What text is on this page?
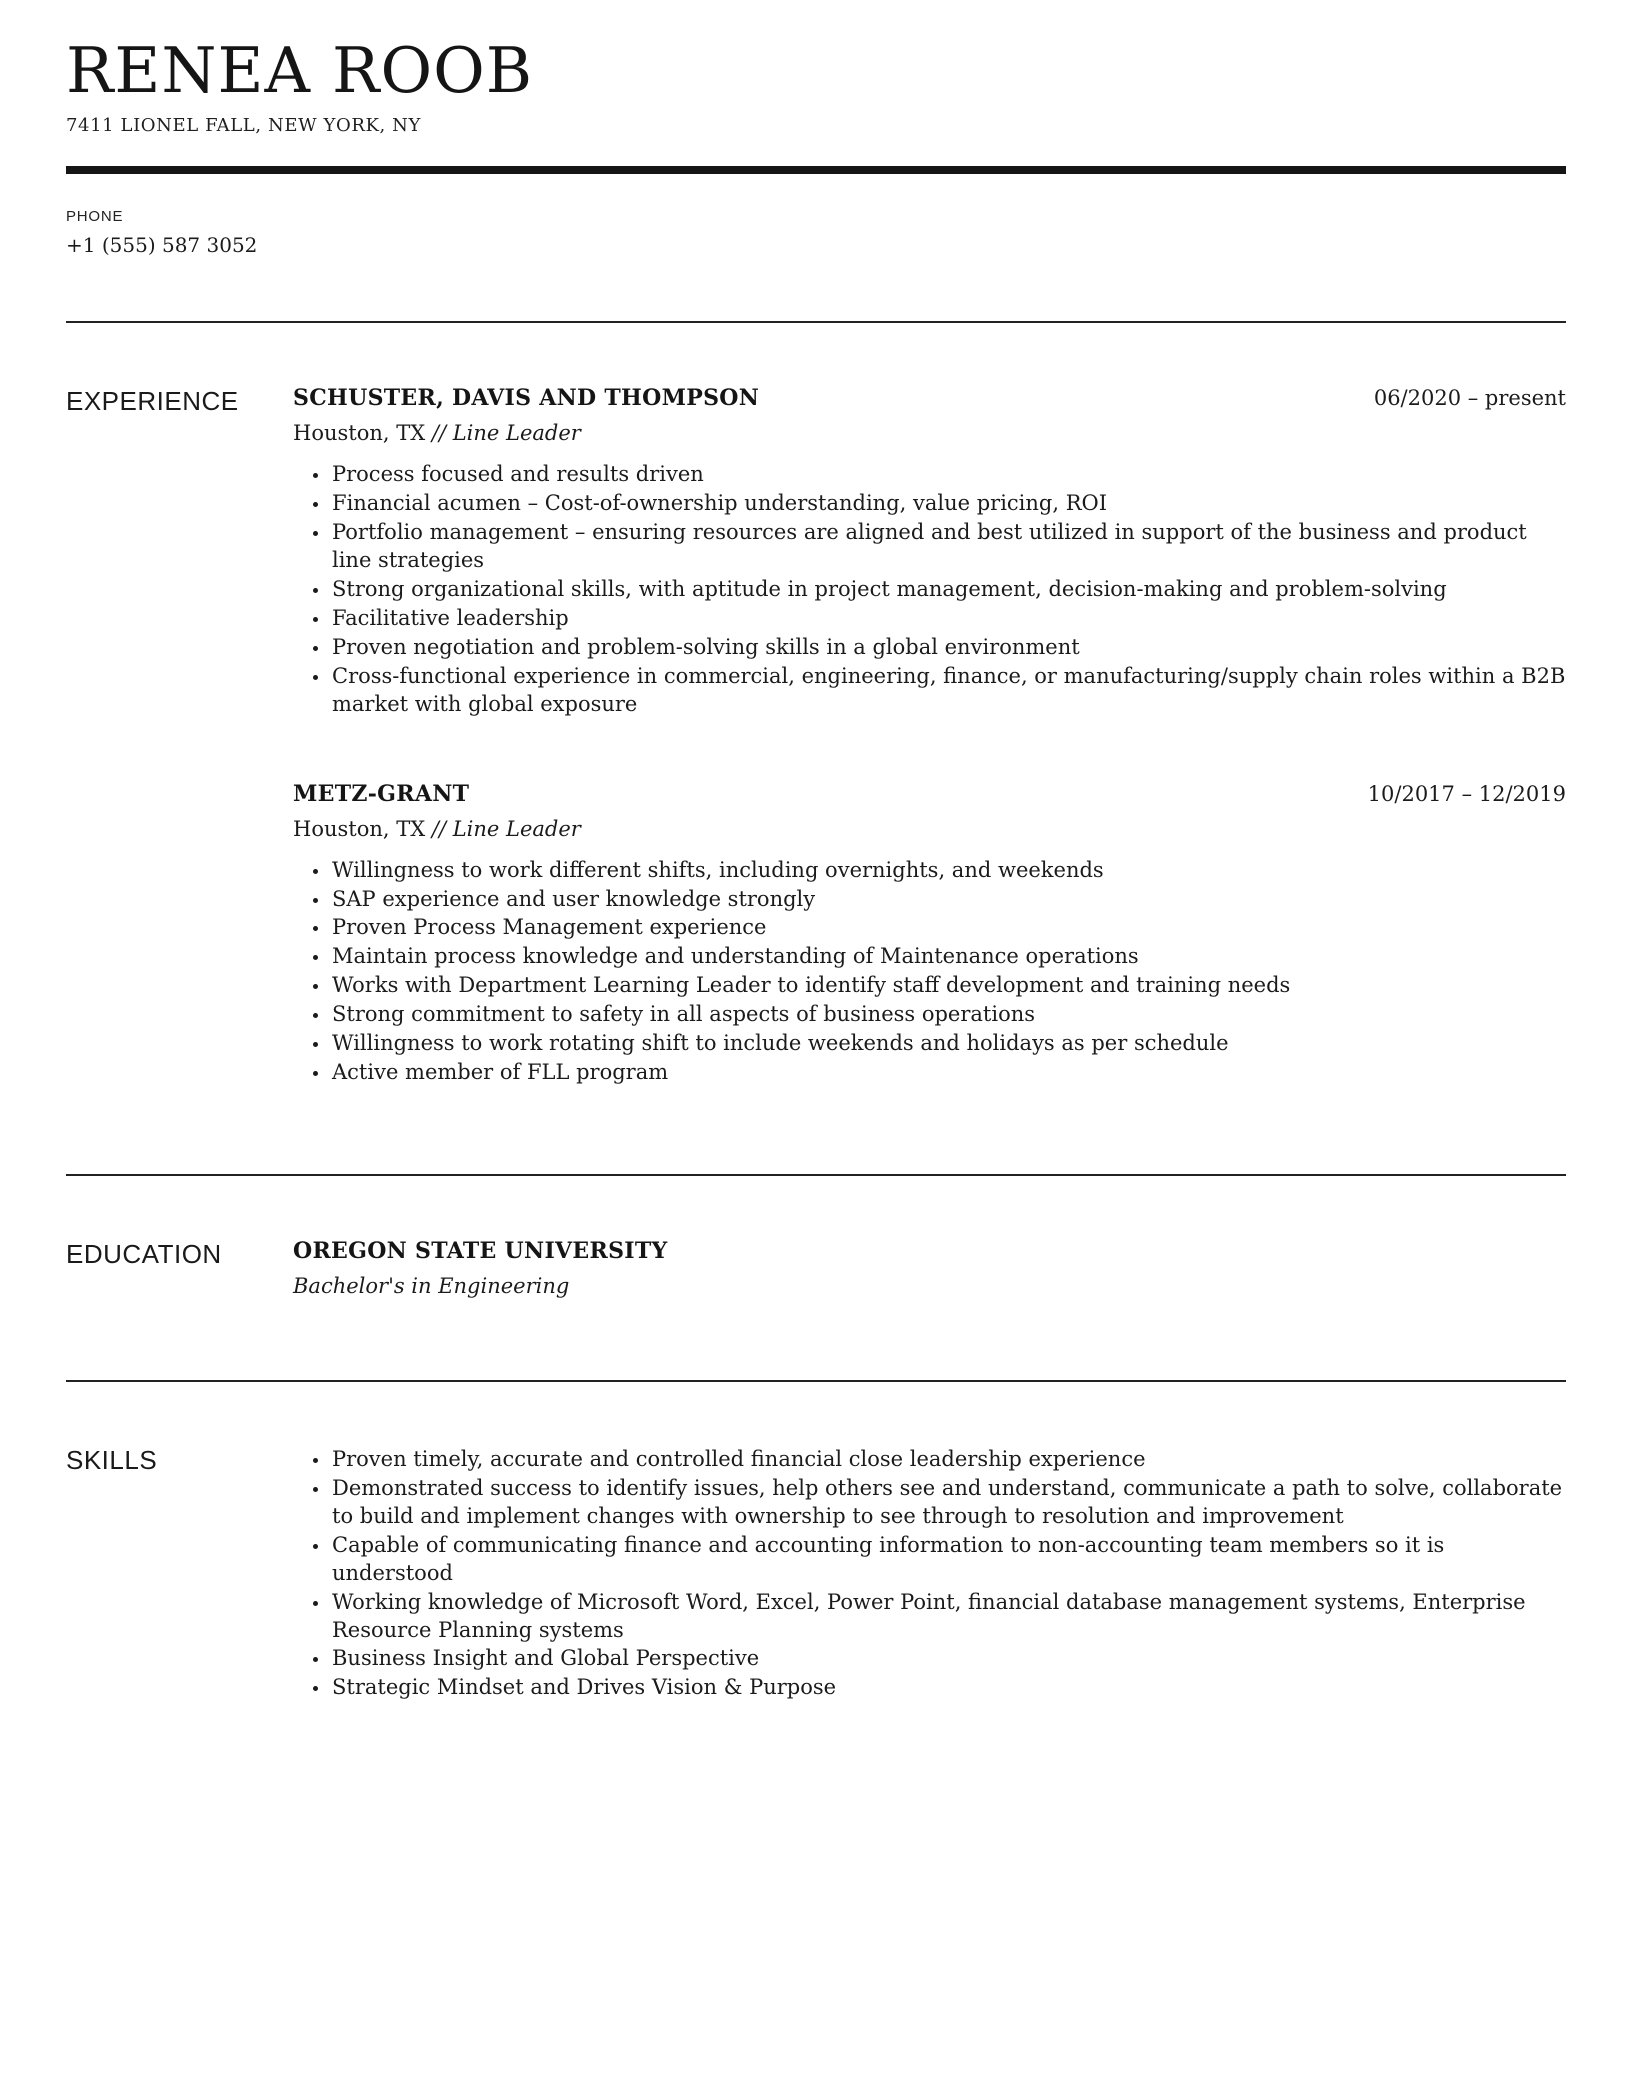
RENEA ROOB
7411 LIONEL FALL, NEW YORK, NY
PHONE
+1 (555) 587 3052
EXPERIENCE	SCHUSTER, DAVIS AND THOMPSON	06/2020 – present
Houston, TX // Line Leader
• Process focused and results driven
• Financial acumen – Cost-of-ownership understanding, value pricing, ROI
• Portfolio management – ensuring resources are aligned and best utilized in support of the business and product line strategies
• Strong organizational skills, with aptitude in project management, decision-making and problem-solving
• Facilitative leadership
• Proven negotiation and problem-solving skills in a global environment
• Cross-functional experience in commercial, engineering, finance, or manufacturing/supply chain roles within a B2B market with global exposure
METZ-GRANT	10/2017 – 12/2019
Houston, TX // Line Leader
• Willingness to work different shifts, including overnights, and weekends
• SAP experience and user knowledge strongly
• Proven Process Management experience
• Maintain process knowledge and understanding of Maintenance operations
• Works with Department Learning Leader to identify staff development and training needs
• Strong commitment to safety in all aspects of business operations
• Willingness to work rotating shift to include weekends and holidays as per schedule
• Active member of FLL program
EDUCATION	OREGON STATE UNIVERSITY
Bachelor's in Engineering
SKILLS	• Proven timely, accurate and controlled financial close leadership experience
• Demonstrated success to identify issues, help others see and understand, communicate a path to solve, collaborate to build and implement changes with ownership to see through to resolution and improvement
• Capable of communicating finance and accounting information to non-accounting team members so it is understood
• Working knowledge of Microsoft Word, Excel, Power Point, financial database management systems, Enterprise Resource Planning systems
• Business Insight and Global Perspective
• Strategic Mindset and Drives Vision & Purpose
